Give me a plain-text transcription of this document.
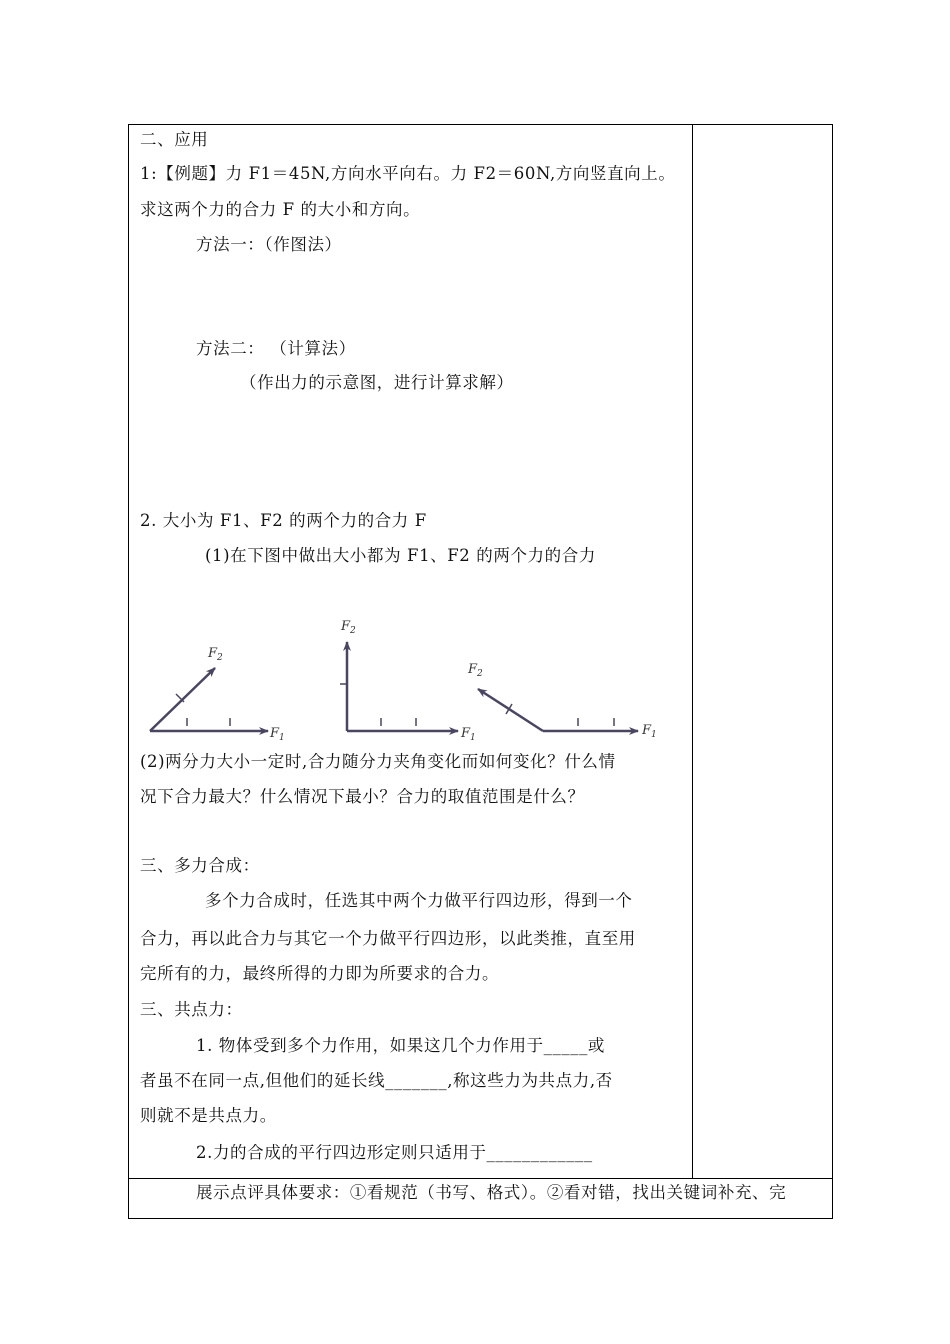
二、应用
1:【例题】力 F1＝45N,方向水平向右。力 F2＝60N,方向竖直向上。
求这两个力的合力 F 的大小和方向。
方法一：（作图法）
方法二： （计算法）
（作出力的示意图，进行计算求解）
2. 大小为 F1、F2 的两个力的合力 F
(1)在下图中做出大小都为 F1、F2 的两个力的合力
$F_1$
$F_2$
$F_1$
$F_2$
$F_1$
$F_2$
(2)两分力大小一定时,合力随分力夹角变化而如何变化？什么情
况下合力最大？什么情况下最小？合力的取值范围是什么？
三、多力合成：
多个力合成时，任选其中两个力做平行四边形，得到一个
合力，再以此合力与其它一个力做平行四边形，以此类推，直至用
完所有的力，最终所得的力即为所要求的合力。
三、共点力：
1. 物体受到多个力作用，如果这几个力作用于_____或
者虽不在同一点,但他们的延长线_______,称这些力为共点力,否
则就不是共点力。
2.力的合成的平行四边形定则只适用于____________
展示点评具体要求：①看规范（书写、格式）。②看对错，找出关键词补充、完
